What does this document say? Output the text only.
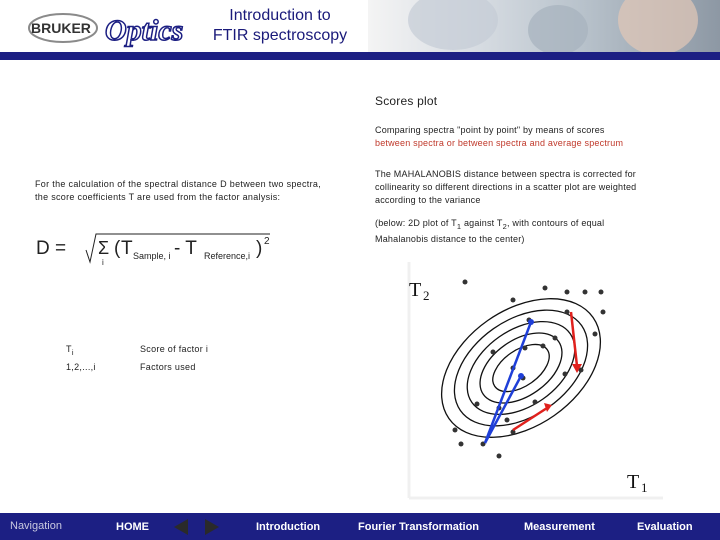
BRUKER Optics	Introduction to
FTIR spectroscopy
Scores plot
Comparing spectra "point by point" by means of scores
between spectra or between spectra and average spectrum
The MAHALANOBIS distance between spectra is corrected for collinearity so different directions in a scatter plot are weighted according to the variance
(below: 2D plot of $T_1$ against $T_2$, with contours of equal Mahalanobis distance to the center)
For the calculation of the spectral distance D between two spectra, the score coefficients T are used from the factor analysis:
D = Σ
i
( T Sample, i - T Reference,i ) 2
$T_i$	Score of factor i
1,2,...,i	Factors used
T 2
T 1
Navigation	HOME	Introduction	Fourier Transformation	Measurement	Evaluation
